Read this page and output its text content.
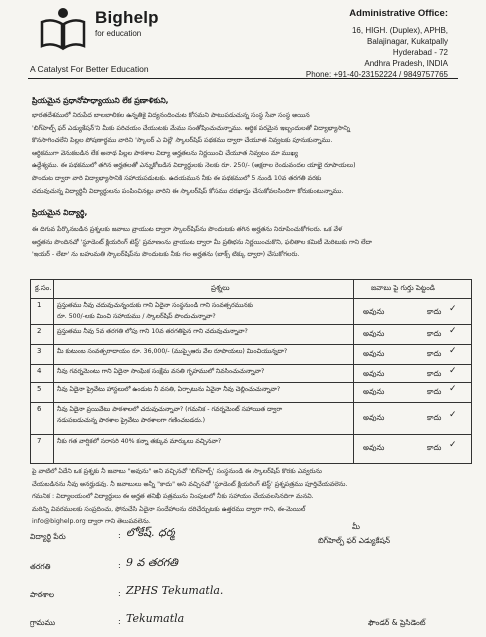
Bighelp
for education
A Catalyst For Better Education
Administrative Office:
16, HIGH. (Duplex), APHB,
Balajinagar, Kukatpally
Hyderabad - 72
Andhra Pradesh, INDIA
Phone: +91-40-23152224 / 9849757765
ప్రియమైన ప్రధానోపాధ్యాయుని లేక ప్రణాళికుని,
భారతదేశములో నిరుపేద బాలబాలికల ఉన్నతికై విద్యనందించుట కోసమని పాటుపడుచున్న సంస్థ సేవా సంస్థ అయిన
'బిగ్‌హెల్ప్ ఫర్ ఎడ్యుకేషన్'ని మీకు పరిచయం చేయుటకు మేము సంతోషించుచున్నాము. ఆర్థిక పరమైన ఇబ్బందులతో విద్యాభ్యాసాన్ని
కొనసాగించలేని పిల్లల పోషణార్థము వారిని 'స్కాలర్ ఎ విల్లే' స్కాలర్‌షిప్ పథకము ద్వారా చేయూత నివ్వటకు పూనుకున్నాము.
ఆర్థికముగా వెనుకబడిన లేక అనాథ పిల్లల పాఠశాల విద్యా అర్హతలను నిర్ణయించి చేయూత నివ్వటం మా ముఖ్య
ఉద్దేశ్యము. ఈ పథకములో తగిన అర్హతలతో ఎన్నుకోబడిన విద్యార్థులకు నెలకు రూ. 250/- (అక్షరాల రెండువందల యాభై రూపాయలు)
పొందుట ద్వారా వారి విద్యాభ్యాసానికి సహాయపడుటకు. ఉదయమున నీకు ఈ పథకములో 5 నుండి 10వ తరగతి వరకు
చదువుచున్న విద్యార్థినీ విద్యార్థులను పంపించినట్లు వారిని ఈ స్కాలర్‌షిప్ కోసము దరఖాస్తు చేసుకోవలసిందిగా కోరుకుంటున్నాము.
ప్రియమైన విద్యార్థి,
ఈ దిగువ పేర్కొనబడిన ప్రశ్నలకు జవాబు వ్రాయుట ద్వారా స్కాలర్‌షిప్‌ను పొందుటకు తగిన అర్హతను నిరూపించుకోగలరు. ఒక వేళ
అర్హతను పొందినచో 'స్టూడెంట్ క్లియరింగ్ టెస్ట్' ప్రమాణంను వ్రాయుట ద్వారా మీ ప్రతిభను నిర్ణయించుకొని, ఫలితాల కమిటీ మెరిటుకు గాని లేదా
'ఇయర్ - లేటా' ను బహుమతి స్కాలర్‌షిప్‌ను పొందుటకు నీకు గల అర్హతను (బాక్స్ టిక్కు ద్వారా) చేసుకోగలరు.
క్ర.సం.	ప్రశ్నలు	జవాబు పై గుర్తు పెట్టండి
1	ప్రస్తుతము నీవు చదువుచున్నందుకు గాని ఏదైనా సంస్థనుండి గాని సంవత్సరమునకు
రూ. 500/-లకు మించి సహాయము / స్కాలర్‌షిప్ పొందుచున్నావా?
అవును	కాదు ✓
2	ప్రస్తుతము నీవు 5వ తరగతి లోపు గాని 10వ తరగతిపైన గాని చదువుచున్నావా?	అవును	కాదు ✓
3	మీ కుటుంబ సంవత్సరాదాయం రూ. 36,000/- (ముప్పైఆరు వేల రూపాయలు) మించియున్నదా?	అవును	కాదు ✓
4	నీవు గవర్నమెంటు గాని ఏదైనా సాంఘిక సంక్షేమ వసతి గృహములో నివసించుచున్నావా?	అవును	కాదు ✓
5	నీవు ఏదైనా ప్రైవేటు హాస్టలులో ఉండుట నీ వసతి, ఏర్పాటును ఏవైనా నీవు చెల్లించుచున్నావా?	అవును	కాదు ✓
6	నీవు ఏదైనా ప్రయివేటు పాఠశాలలో చదువుచున్నావా? (గమనిక - గవర్నమెంట్ సహాయిత ద్వారా
నడుపబడుచున్న పాఠశాల ప్రైవేటు పాఠశాలగా గణించబడదు.)	అవును	కాదు ✓
7	నీకు గత వార్షికలో సరాసరి 40% కన్నా తక్కువ మార్కులు వచ్చినవా?
అవును	కాదు ✓
పై వాటిలో ఏదేని ఒక ప్రశ్నకు నీ జవాబు "అవును" అని వచ్చినచో 'బిగ్‌హెల్ప్' సంస్థనుండి ఈ స్కాలర్‌షిప్ కొరకు ఎవ్వరును
చేయబడినను నీవు అనర్హుడవు. నీ జవాబులు అన్నీ "కాదు" అని వచ్చినచో 'స్టూడెంట్ క్లియరింగ్ టెస్ట్' ప్రశ్నపత్రము పూర్తిచేయవలెను.
గమనిక : విద్యాలయంలో విద్యార్థులు ఈ అర్హత తనిఖీ పత్రమును నింపుటలో నీకు సహాయం చేయవలసినదిగా మనవి.
మరిన్ని వివరములకు సంప్రదించు, ఫోనుచేసి ఏదైనా సందేహాలను దరిచేర్చుటకు ఉత్తరము ద్వారా గాని, ఈ-మెయిల్
info@bighelp.org ద్వారా గాని తెలుపవలెను.
విద్యార్థి పేరు	: లోకేష్. ధర్మ
తరగతి	: 9 వ తరగతి
పాఠశాల	: ZPHS Tekumatla.
గ్రామము	: Tekumatla
మీ
బిగ్‌హెల్ప్ ఫర్ ఎడ్యుకేషన్
ఫౌండర్ & ప్రెసిడెంట్
